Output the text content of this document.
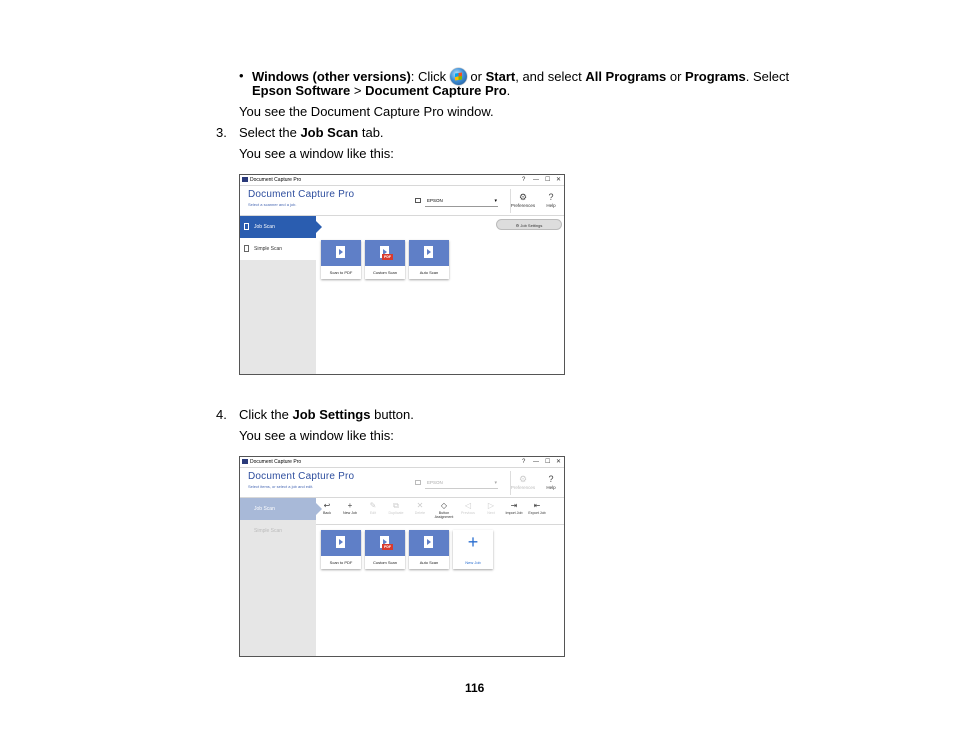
• Windows (other versions): Click  or Start, and select All Programs or Programs. Select
Epson Software > Document Capture Pro.
You see the Document Capture Pro window.
3. Select the Job Scan tab.
You see a window like this:
Document Capture Pro	? — ☐ ✕
Document Capture Pro
Select a scanner and a job.
EPSON	▾	⚙
Preferences
?
Help
Job Scan
Simple Scan
⚙ Job Settings
Scan to PDF
PDF
Custom Scan	Auto Scan
4. Click the Job Settings button.
You see a window like this:
Document Capture Pro	? — ☐ ✕
Document Capture Pro
Select items, or select a job and edit.
EPSON	▾	⚙
Preferences
?
Help
Job Scan
Simple Scan
↩
Back
+
New Job
✎
Edit
⧉
Duplicate
✕
Delete
◇
Button Assignment
◁
Previous
▷
Next
⇥
Import Job
⇤
Export Job
Scan to PDF
PDF
Custom Scan	Auto Scan
+
New Job
116
